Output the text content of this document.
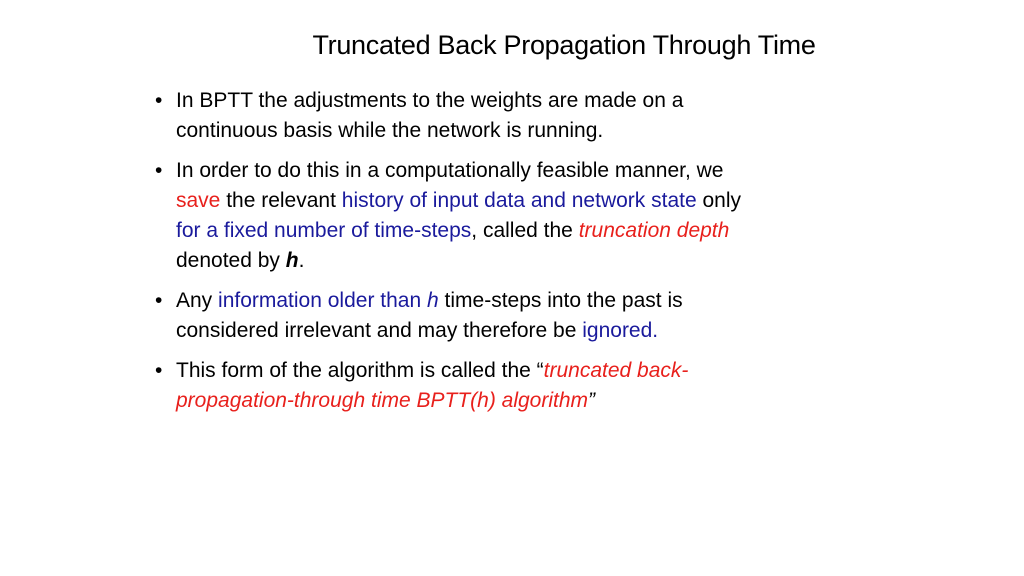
Truncated Back Propagation Through Time
• In BPTT the adjustments to the weights are made on a
continuous basis while the network is running.
• In order to do this in a computationally feasible manner, we
save the relevant history of input data and network state only
for a fixed number of time-steps, called the truncation depth
denoted by h.
• Any information older than h time-steps into the past is
considered irrelevant and may therefore be ignored.
• This form of the algorithm is called the “truncated back-
propagation-through time BPTT(h) algorithm”
